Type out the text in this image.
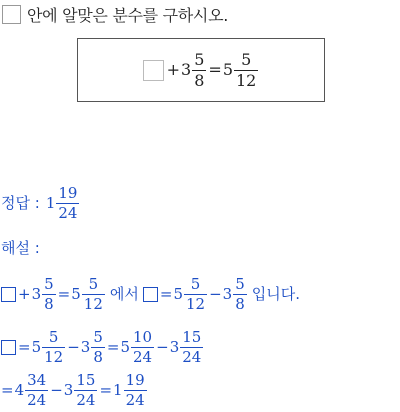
안에 알맞은 분수를 구하시오.
+ $3 \frac{5}{8} = 5 \frac{5}{12}$
정답 : $1 \frac{19}{24}$
해설 :
+ $3 \frac{5}{8} = 5 \frac{5}{12}$ 에서 = $5 \frac{5}{12} - 3 \frac{5}{8}$ 입니다.
= $5 \frac{5}{12} - 3 \frac{5}{8} = 5 \frac{10}{24} - 3 \frac{15}{24}$
= $4 \frac{34}{24} - 3 \frac{15}{24} = 1 \frac{19}{24}$
